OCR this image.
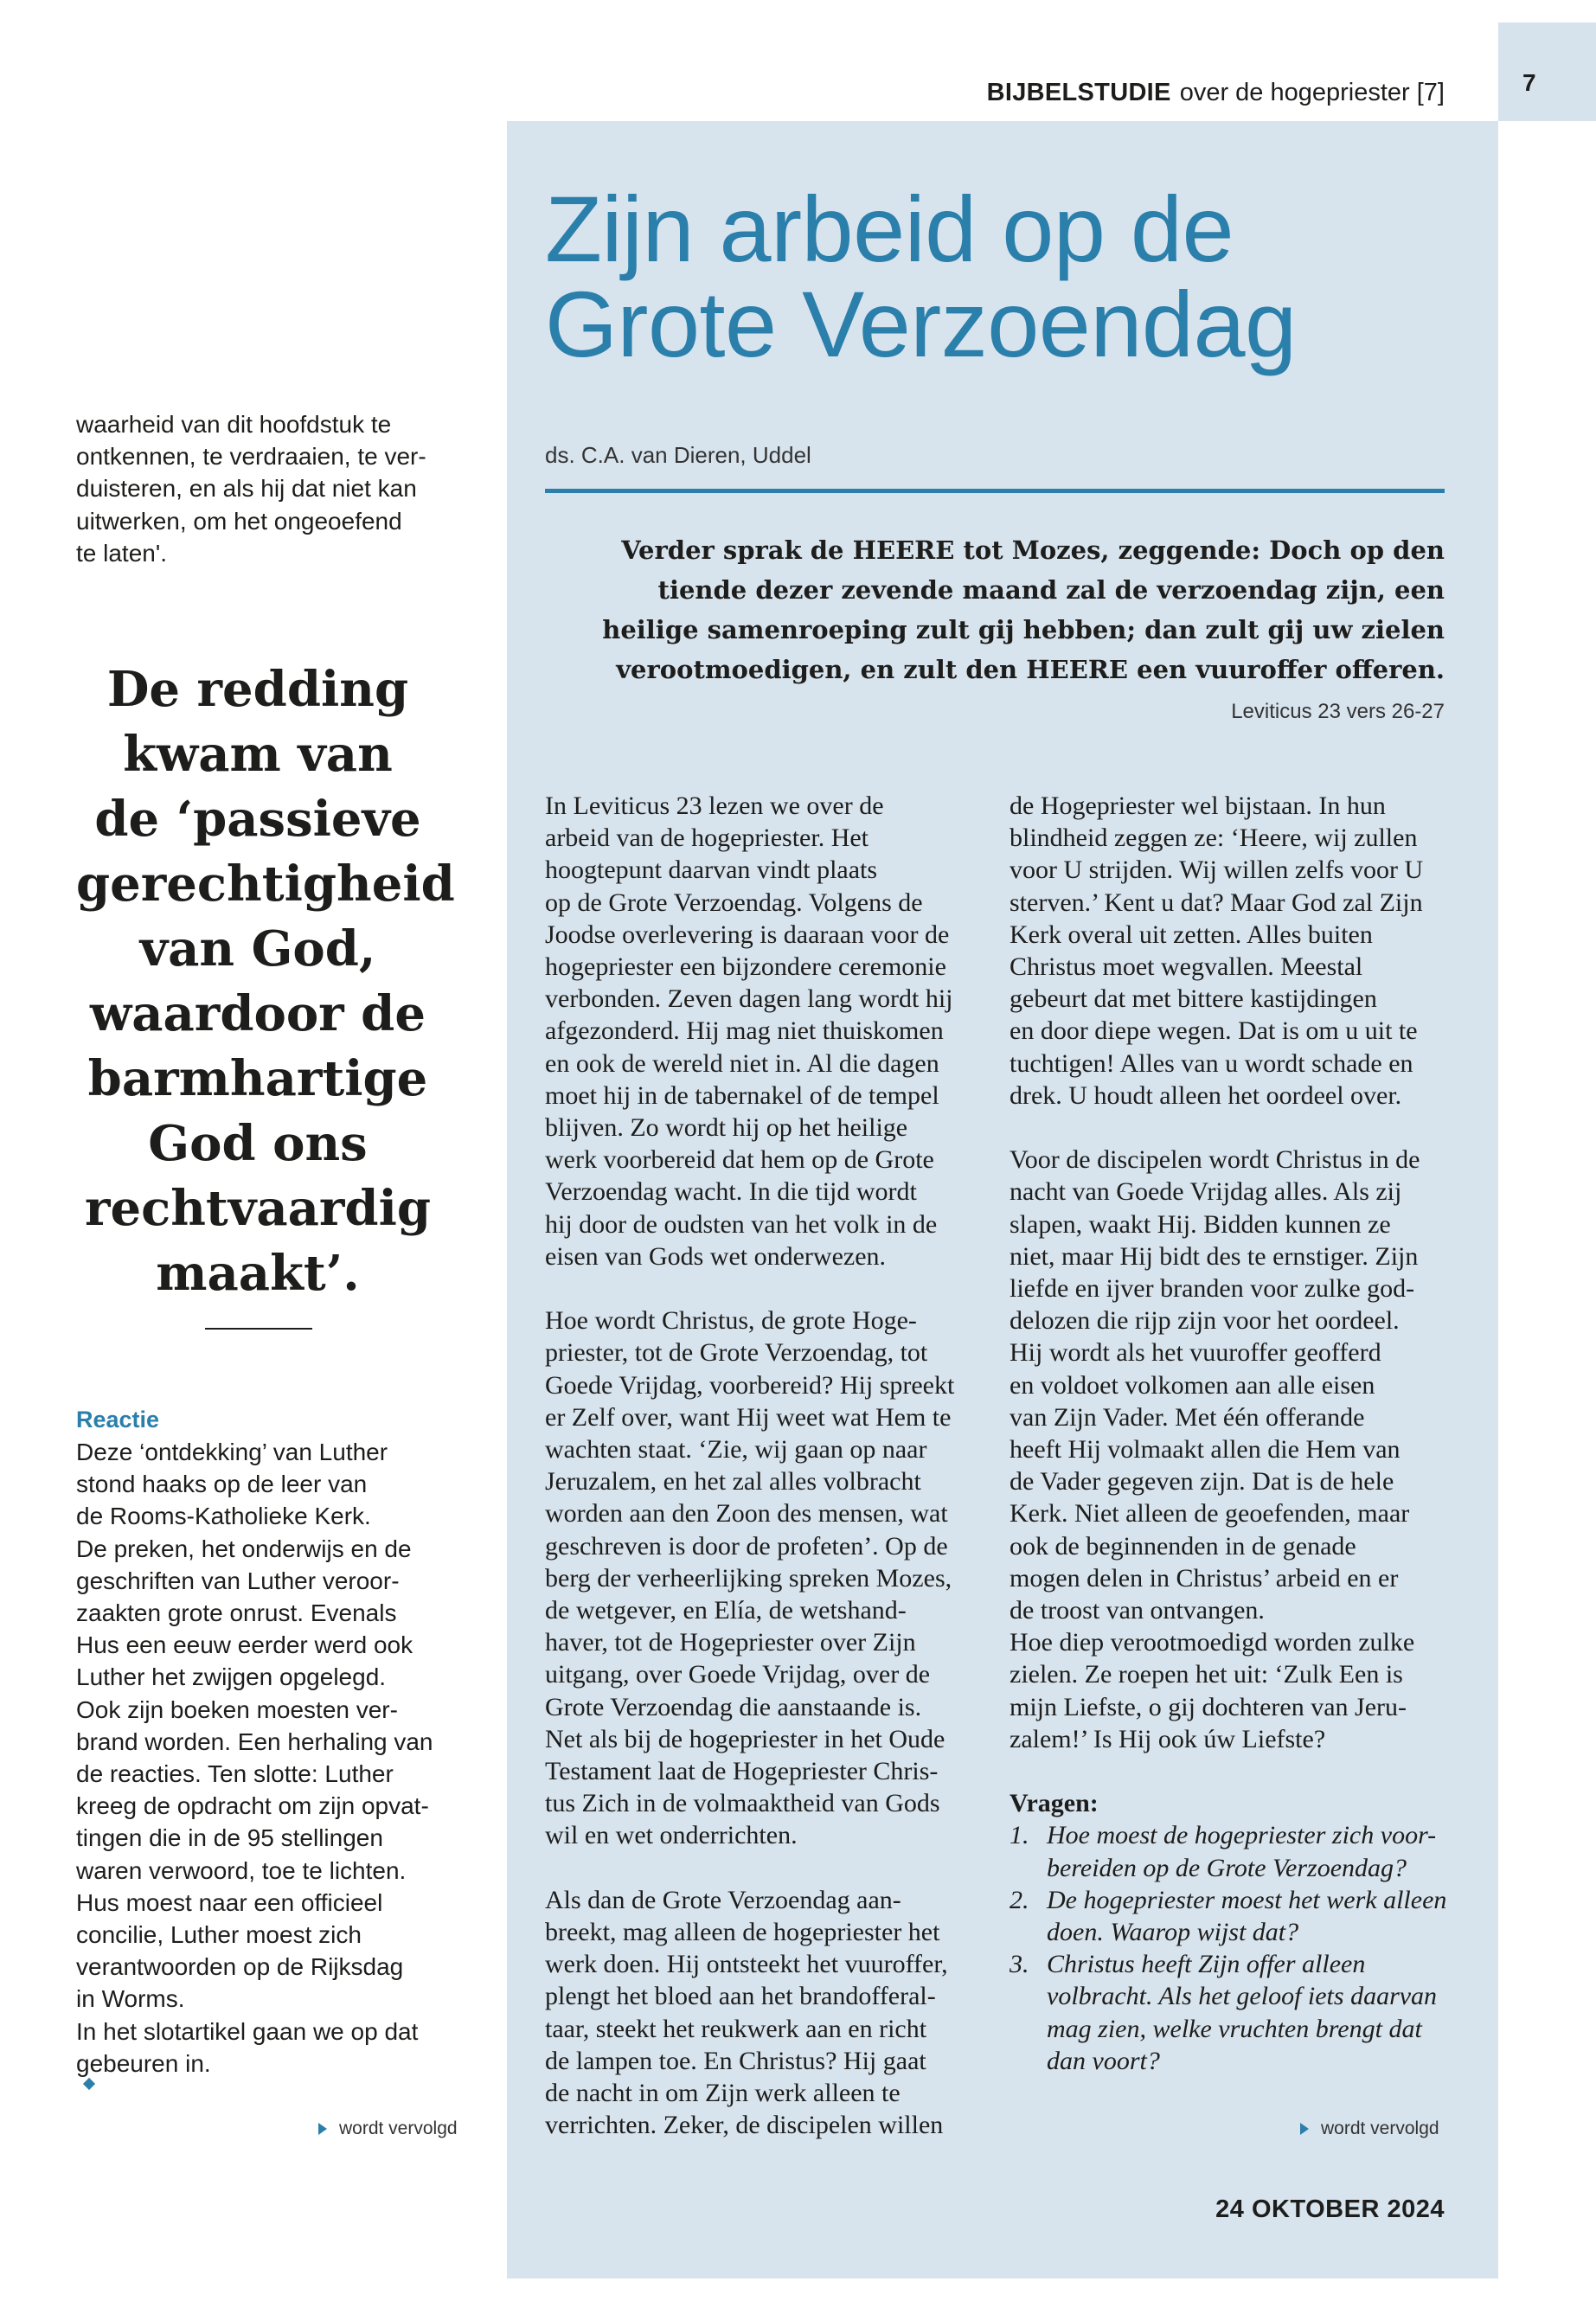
7
BIJBELSTUDIE over de hogepriester [7]
Zijn arbeid op de
Grote Verzoendag
ds. C.A. van Dieren, Uddel
Verder sprak de HEERE tot Mozes, zeggende: Doch op den
tiende dezer zevende maand zal de verzoendag zijn, een
heilige samenroeping zult gij hebben; dan zult gij uw zielen
verootmoedigen, en zult den HEERE een vuuroffer offeren.
Leviticus 23 vers 26-27
In Leviticus 23 lezen we over de
arbeid van de hogepriester. Het
hoogtepunt daarvan vindt plaats
op de Grote Verzoendag. Volgens de
Joodse overlevering is daaraan voor de
hogepriester een bijzondere ceremonie
verbonden. Zeven dagen lang wordt hij
afgezonderd. Hij mag niet thuiskomen
en ook de wereld niet in. Al die dagen
moet hij in de tabernakel of de tempel
blijven. Zo wordt hij op het heilige
werk voorbereid dat hem op de Grote
Verzoendag wacht. In die tijd wordt
hij door de oudsten van het volk in de
eisen van Gods wet onderwezen.
Hoe wordt Christus, de grote Hoge-
priester, tot de Grote Verzoendag, tot
Goede Vrijdag, voorbereid? Hij spreekt
er Zelf over, want Hij weet wat Hem te
wachten staat. ‘Zie, wij gaan op naar
Jeruzalem, en het zal alles volbracht
worden aan den Zoon des mensen, wat
geschreven is door de profeten’. Op de
berg der verheerlijking spreken Mozes,
de wetgever, en Elía, de wetshand-
haver, tot de Hogepriester over Zijn
uitgang, over Goede Vrijdag, over de
Grote Verzoendag die aanstaande is.
Net als bij de hogepriester in het Oude
Testament laat de Hogepriester Chris-
tus Zich in de volmaaktheid van Gods
wil en wet onderrichten.
Als dan de Grote Verzoendag aan-
breekt, mag alleen de hogepriester het
werk doen. Hij ontsteekt het vuuroffer,
plengt het bloed aan het brandofferal-
taar, steekt het reukwerk aan en richt
de lampen toe. En Christus? Hij gaat
de nacht in om Zijn werk alleen te
verrichten. Zeker, de discipelen willen
de Hogepriester wel bijstaan. In hun
blindheid zeggen ze: ‘Heere, wij zullen
voor U strijden. Wij willen zelfs voor U
sterven.’ Kent u dat? Maar God zal Zijn
Kerk overal uit zetten. Alles buiten
Christus moet wegvallen. Meestal
gebeurt dat met bittere kastijdingen
en door diepe wegen. Dat is om u uit te
tuchtigen! Alles van u wordt schade en
drek. U houdt alleen het oordeel over.
Voor de discipelen wordt Christus in de
nacht van Goede Vrijdag alles. Als zij
slapen, waakt Hij. Bidden kunnen ze
niet, maar Hij bidt des te ernstiger. Zijn
liefde en ijver branden voor zulke god-
delozen die rijp zijn voor het oordeel.
Hij wordt als het vuuroffer geofferd
en voldoet volkomen aan alle eisen
van Zijn Vader. Met één offerande
heeft Hij volmaakt allen die Hem van
de Vader gegeven zijn. Dat is de hele
Kerk. Niet alleen de geoefenden, maar
ook de beginnenden in de genade
mogen delen in Christus’ arbeid en er
de troost van ontvangen.
Hoe diep verootmoedigd worden zulke
zielen. Ze roepen het uit: ‘Zulk Een is
mijn Liefste, o gij dochteren van Jeru-
zalem!’ Is Hij ook úw Liefste?
Vragen:
1. Hoe moest de hogepriester zich voor-
bereiden op de Grote Verzoendag?
2. De hogepriester moest het werk alleen
doen. Waarop wijst dat?
3. Christus heeft Zijn offer alleen
volbracht. Als het geloof iets daarvan
mag zien, welke vruchten brengt dat
dan voort?
wordt vervolgd
waarheid van dit hoofdstuk te
ontkennen, te verdraaien, te ver-
duisteren, en als hij dat niet kan
uitwerken, om het ongeoefend
te laten'.
De redding
kwam van
de ‘passieve
gerechtigheid
van God,
waardoor de
barmhartige
God ons
rechtvaardig
maakt’.
Reactie
Deze ‘ontdekking’ van Luther
stond haaks op de leer van
de Rooms-Katholieke Kerk.
De preken, het onderwijs en de
geschriften van Luther veroor-
zaakten grote onrust. Evenals
Hus een eeuw eerder werd ook
Luther het zwijgen opgelegd.
Ook zijn boeken moesten ver-
brand worden. Een herhaling van
de reacties. Ten slotte: Luther
kreeg de opdracht om zijn opvat-
tingen die in de 95 stellingen
waren verwoord, toe te lichten.
Hus moest naar een officieel
concilie, Luther moest zich
verantwoorden op de Rijksdag
in Worms.
In het slotartikel gaan we op dat
gebeuren in.
wordt vervolgd
24 OKTOBER 2024
